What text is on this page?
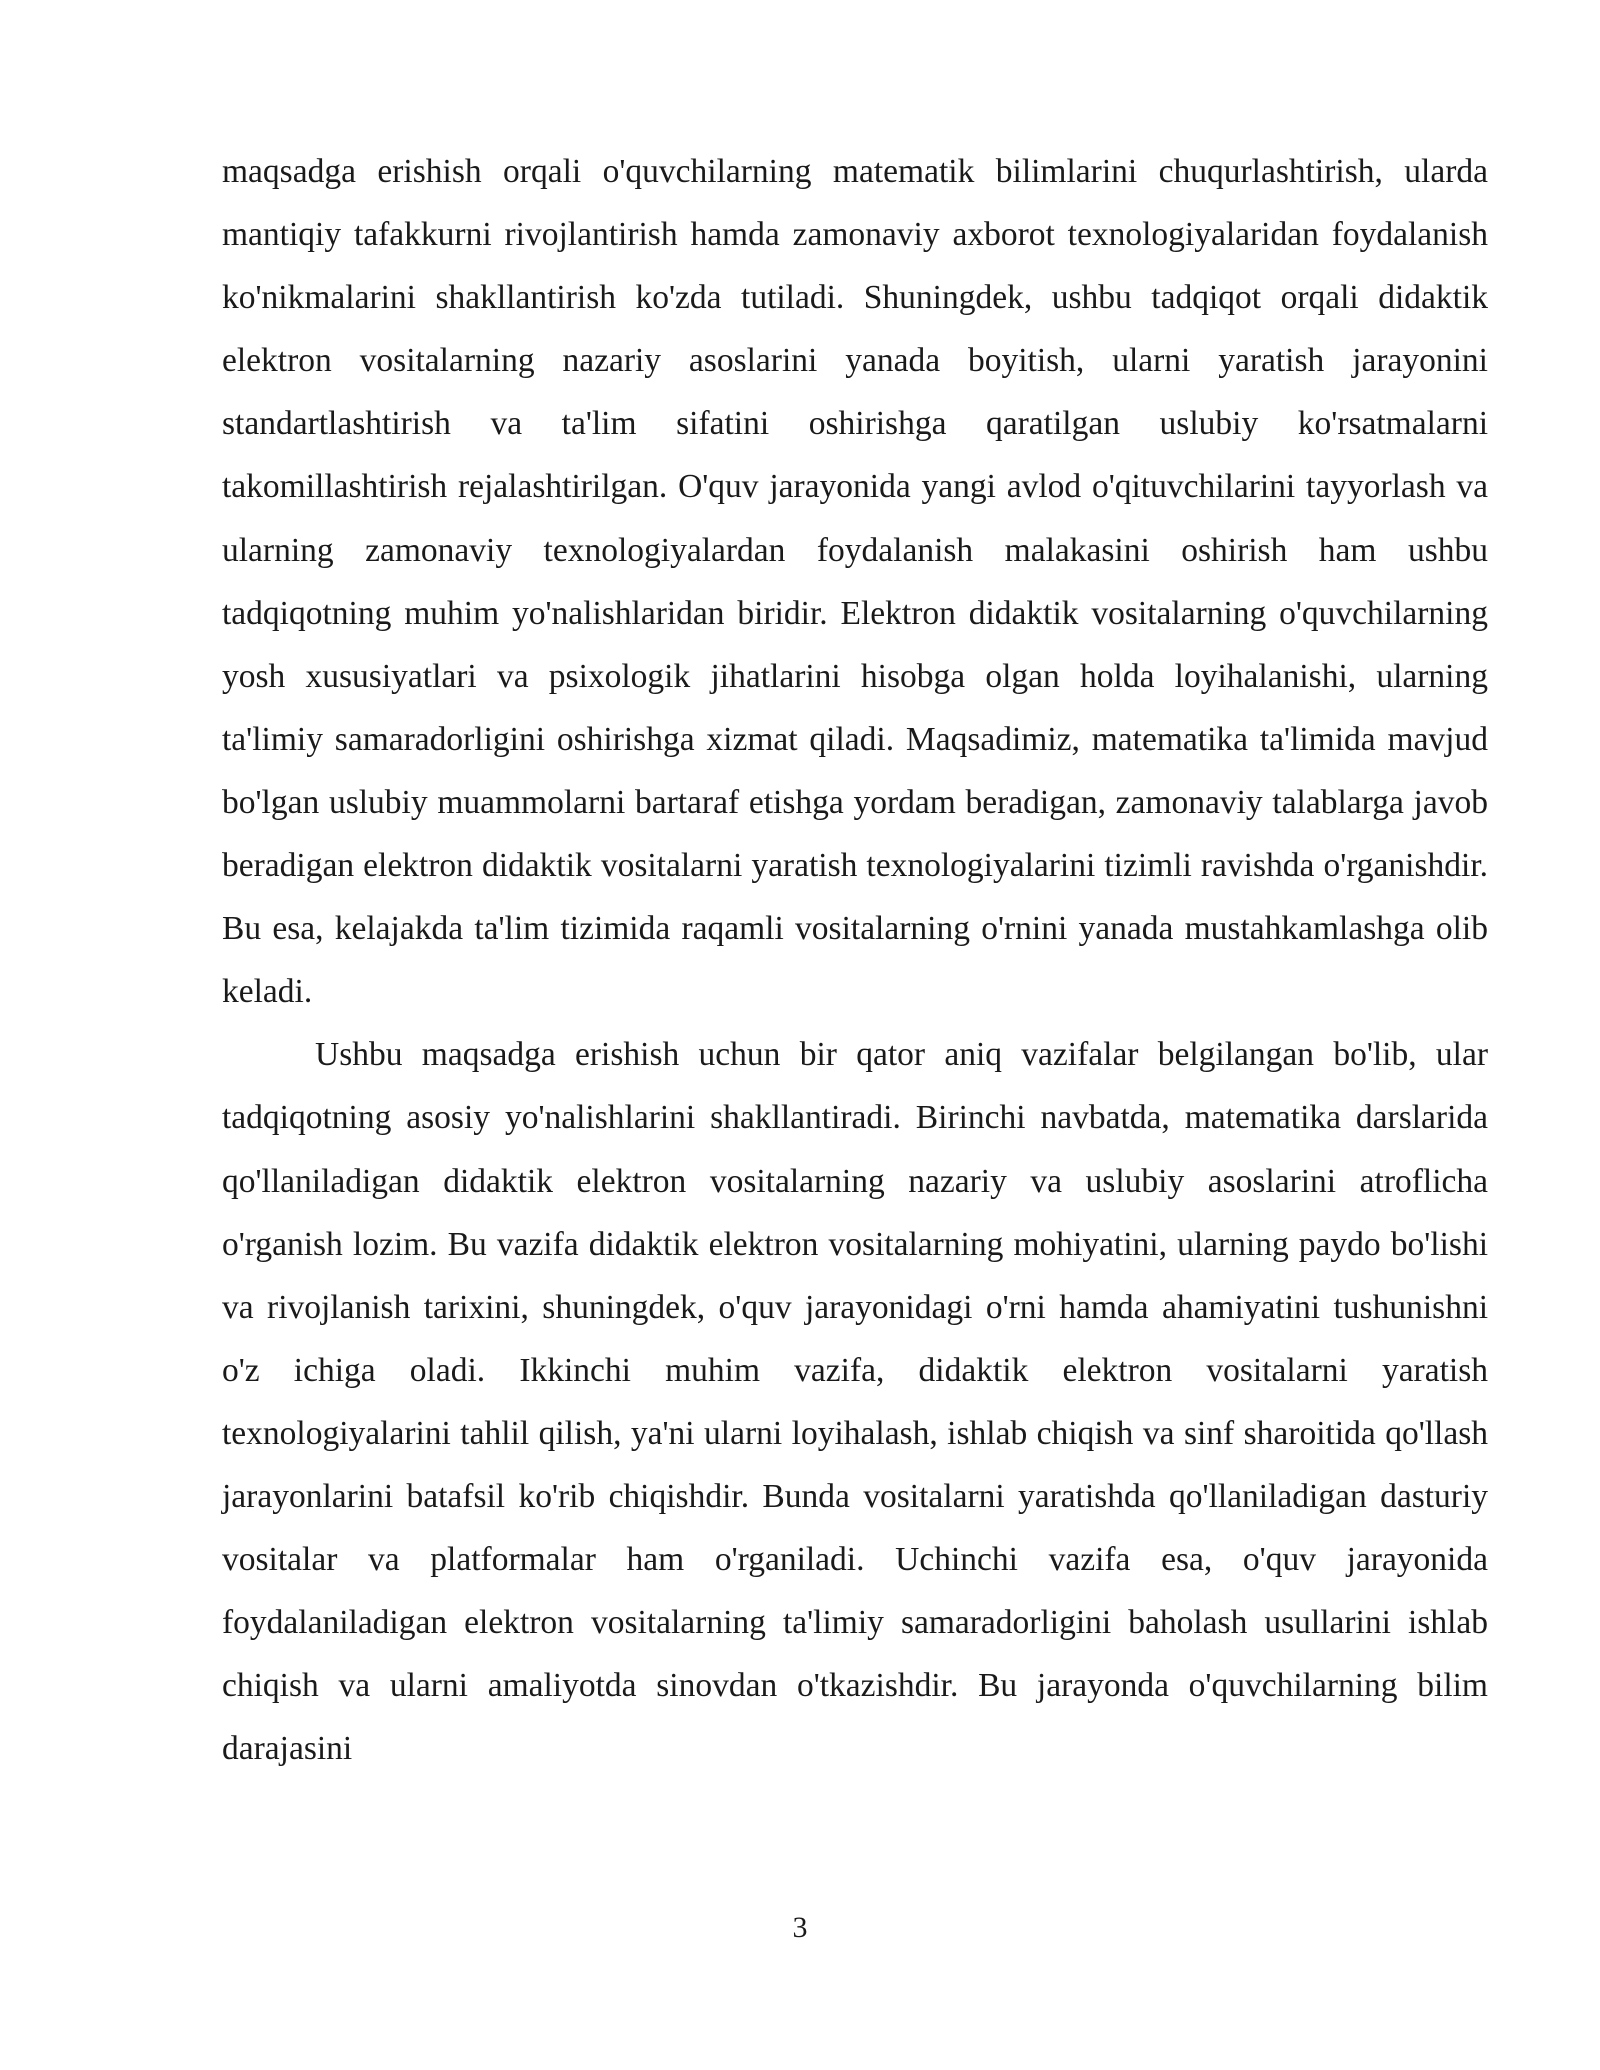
maqsadga erishish orqali o'quvchilarning matematik bilimlarini chuqurlashtirish, ularda mantiqiy tafakkurni rivojlantirish hamda zamonaviy axborot texnologiyalaridan foydalanish ko'nikmalarini shakllantirish ko'zda tutiladi. Shuningdek, ushbu tadqiqot orqali didaktik elektron vositalarning nazariy asoslarini yanada boyitish, ularni yaratish jarayonini standartlashtirish va ta'lim sifatini oshirishga qaratilgan uslubiy ko'rsatmalarni takomillashtirish rejalashtirilgan. O'quv jarayonida yangi avlod o'qituvchilarini tayyorlash va ularning zamonaviy texnologiyalardan foydalanish malakasini oshirish ham ushbu tadqiqotning muhim yo'nalishlaridan biridir. Elektron didaktik vositalarning o'quvchilarning yosh xususiyatlari va psixologik jihatlarini hisobga olgan holda loyihalanishi, ularning ta'limiy samaradorligini oshirishga xizmat qiladi. Maqsadimiz, matematika ta'limida mavjud bo'lgan uslubiy muammolarni bartaraf etishga yordam beradigan, zamonaviy talablarga javob beradigan elektron didaktik vositalarni yaratish texnologiyalarini tizimli ravishda o'rganishdir. Bu esa, kelajakda ta'lim tizimida raqamli vositalarning o'rnini yanada mustahkamlashga olib keladi.

Ushbu maqsadga erishish uchun bir qator aniq vazifalar belgilangan bo'lib, ular tadqiqotning asosiy yo'nalishlarini shakllantiradi. Birinchi navbatda, matematika darslarida qo'llaniladigan didaktik elektron vositalarning nazariy va uslubiy asoslarini atroflicha o'rganish lozim. Bu vazifa didaktik elektron vositalarning mohiyatini, ularning paydo bo'lishi va rivojlanish tarixini, shuningdek, o'quv jarayonidagi o'rni hamda ahamiyatini tushunishni o'z ichiga oladi. Ikkinchi muhim vazifa, didaktik elektron vositalarni yaratish texnologiyalarini tahlil qilish, ya'ni ularni loyihalash, ishlab chiqish va sinf sharoitida qo'llash jarayonlarini batafsil ko'rib chiqishdir. Bunda vositalarni yaratishda qo'llaniladigan dasturiy vositalar va platformalar ham o'rganiladi. Uchinchi vazifa esa, o'quv jarayonida foydalaniladigan elektron vositalarning ta'limiy samaradorligini baholash usullarini ishlab chiqish va ularni amaliyotda sinovdan o'tkazishdir. Bu jarayonda o'quvchilarning bilim darajasini

3
